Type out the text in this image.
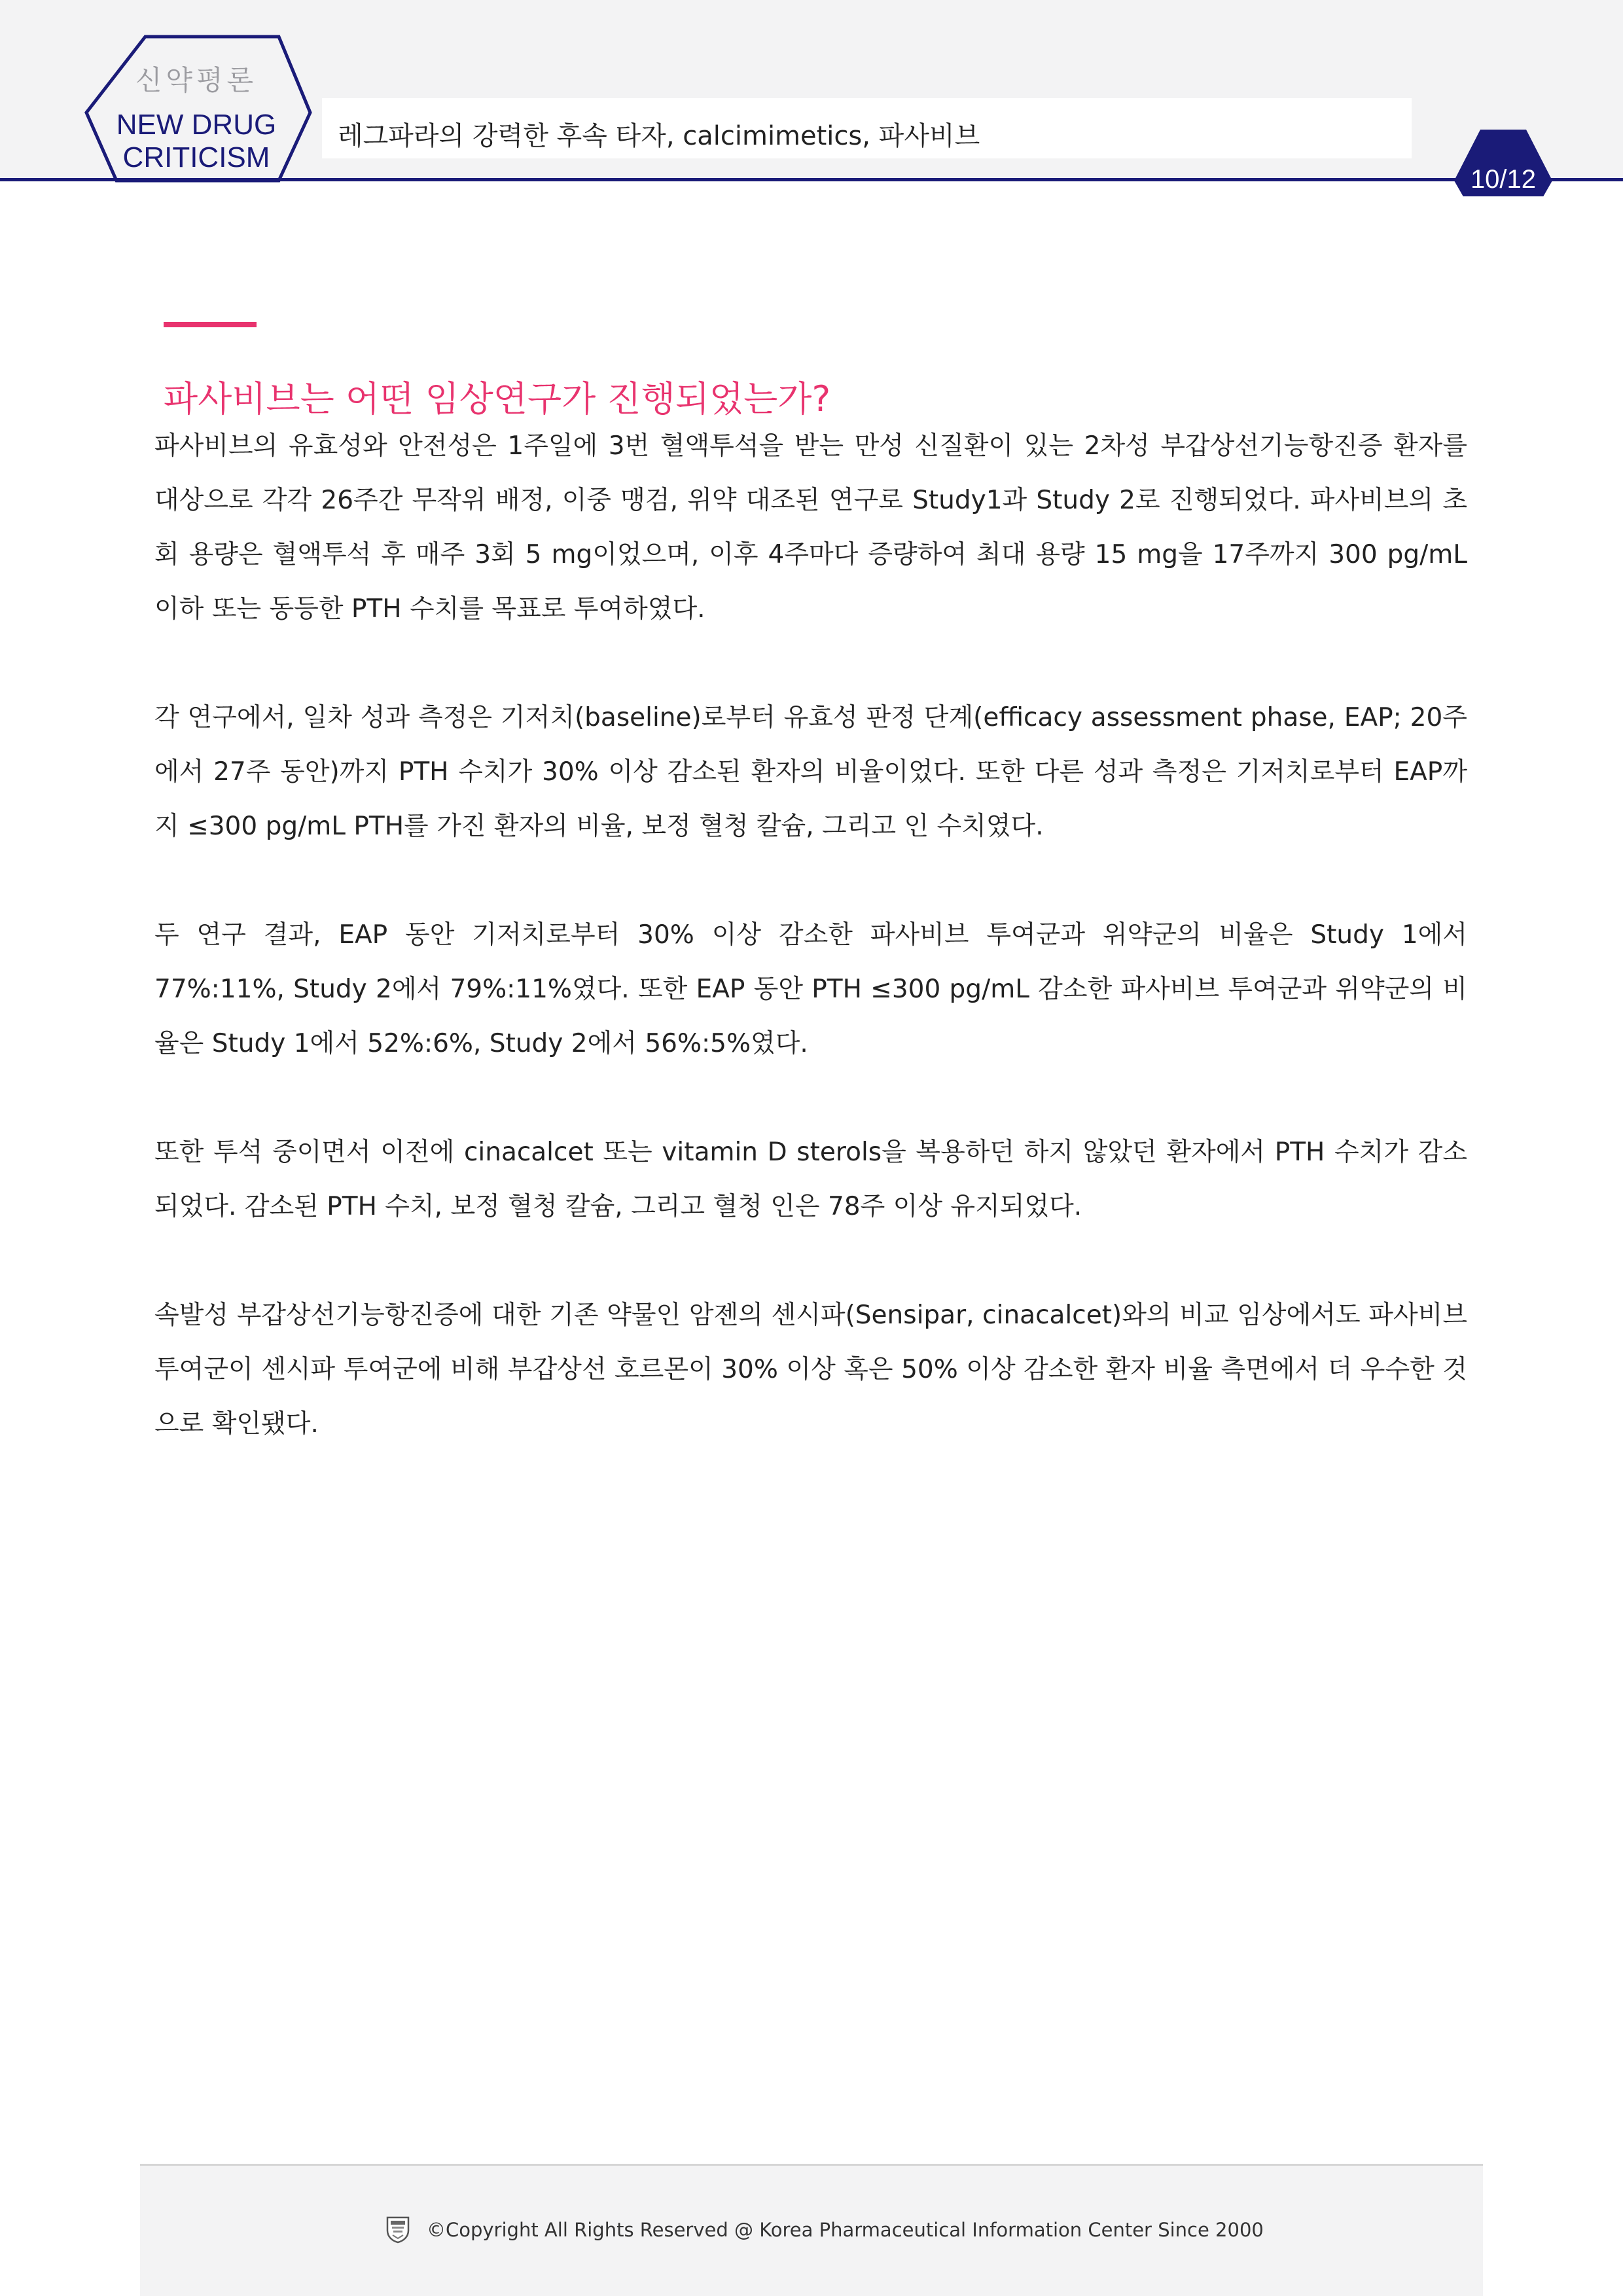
신약평론
NEW DRUG
CRITICISM
레그파라의 강력한 후속 타자, calcimimetics, 파사비브
10/12
파사비브는 어떤 임상연구가 진행되었는가?

파사비브의 유효성와 안전성은 1주일에 3번 혈액투석을 받는 만성 신질환이 있는 2차성 부갑상선기능항진증 환자를 대상으로 각각 26주간 무작위 배정, 이중 맹검, 위약 대조된 연구로 Study1과 Study 2로 진행되었다. 파사비브의 초회 용량은 혈액투석 후 매주 3회 5 mg이었으며, 이후 4주마다 증량하여 최대 용량 15 mg을 17주까지 300 pg/mL 이하 또는 동등한 PTH 수치를 목표로 투여하였다.

각 연구에서, 일차 성과 측정은 기저치(baseline)로부터 유효성 판정 단계(efficacy assessment phase, EAP; 20주에서 27주 동안)까지 PTH 수치가 30% 이상 감소된 환자의 비율이었다. 또한 다른 성과 측정은 기저치로부터 EAP까지 ≤300 pg/mL PTH를 가진 환자의 비율, 보정 혈청 칼슘, 그리고 인 수치였다.

두 연구 결과, EAP 동안 기저치로부터 30% 이상 감소한 파사비브 투여군과 위약군의 비율은 Study 1에서 77%:11%, Study 2에서 79%:11%였다. 또한 EAP 동안 PTH ≤300 pg/mL 감소한 파사비브 투여군과 위약군의 비율은 Study 1에서 52%:6%, Study 2에서 56%:5%였다.

또한 투석 중이면서 이전에 cinacalcet 또는 vitamin D sterols을 복용하던 하지 않았던 환자에서 PTH 수치가 감소되었다. 감소된 PTH 수치, 보정 혈청 칼슘, 그리고 혈청 인은 78주 이상 유지되었다.

속발성 부갑상선기능항진증에 대한 기존 약물인 암젠의 센시파(Sensipar, cinacalcet)와의 비교 임상에서도 파사비브 투여군이 센시파 투여군에 비해 부갑상선 호르몬이 30% 이상 혹은 50% 이상 감소한 환자 비율 측면에서 더 우수한 것으로 확인됐다.

©Copyright All Rights Reserved @ Korea Pharmaceutical Information Center Since 2000
